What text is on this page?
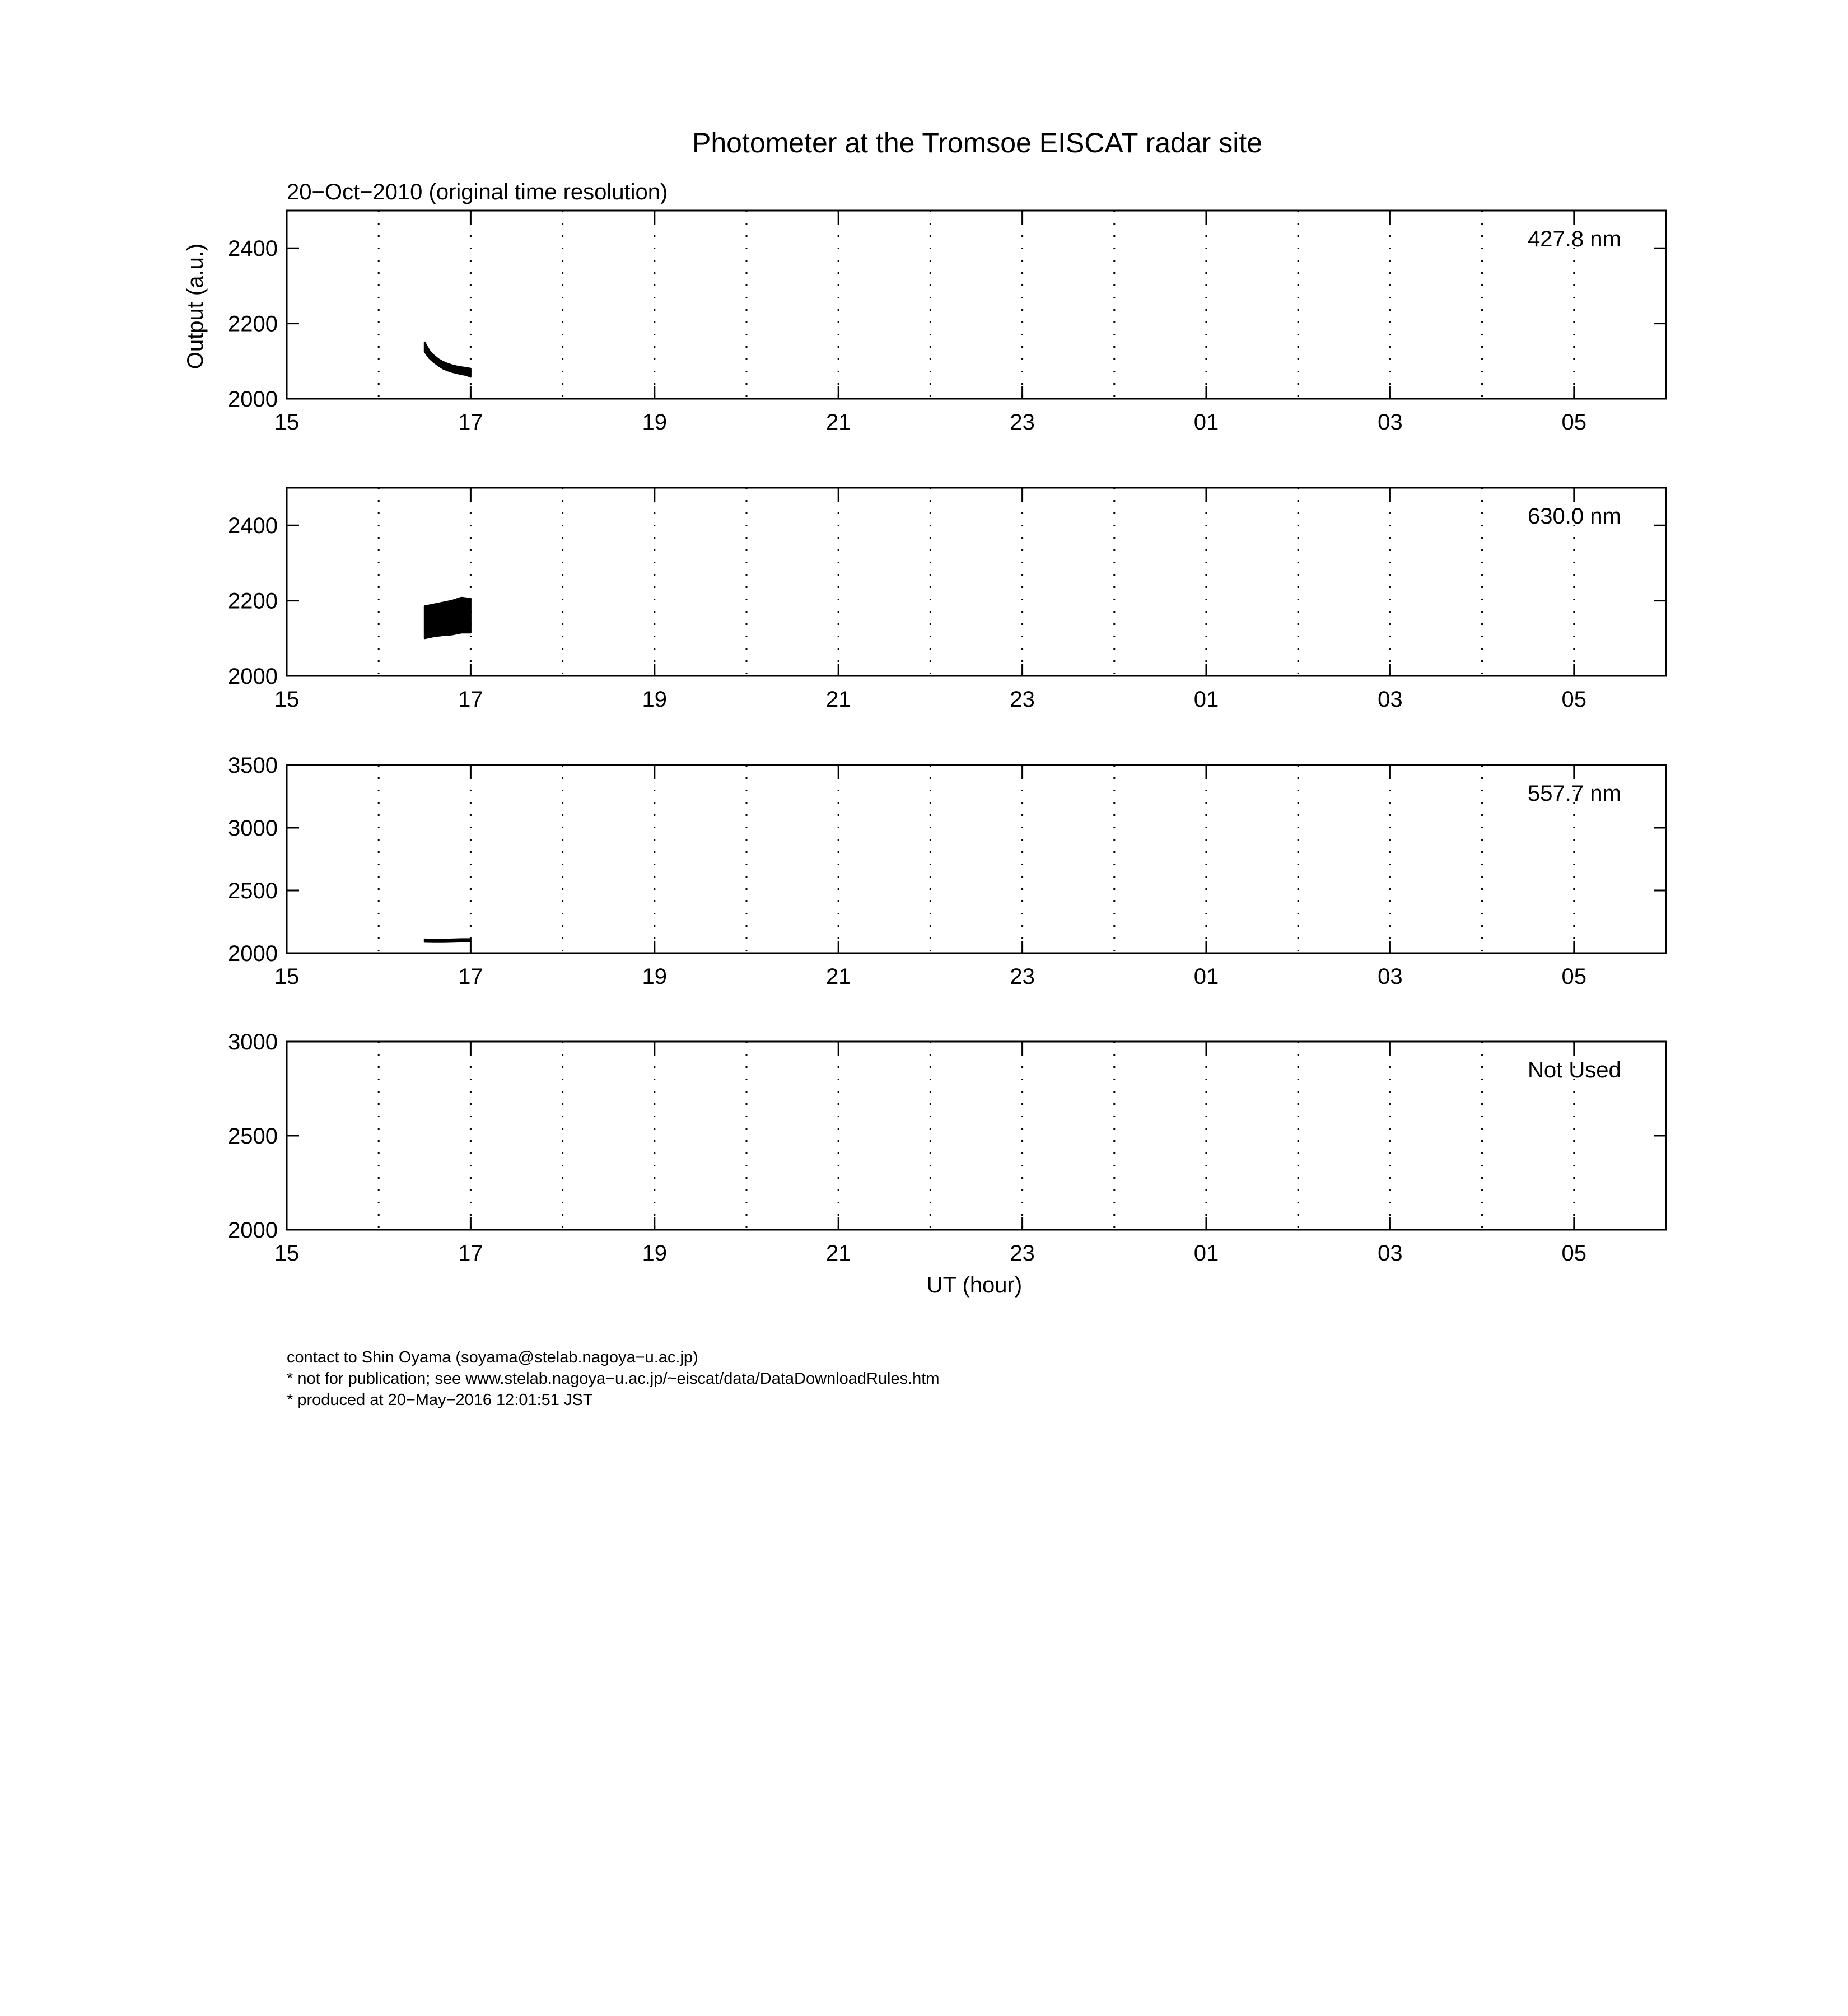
Photometer at the Tromsoe EISCAT radar site
20−Oct−2010 (original time resolution)
Output (a.u.)
UT (hour)
15	17	19	21	23	01	03	05
2000
2200
2400	427.8 nm
15	17	19	21	23	01	03	05
2000
2200
2400	630.0 nm
15	17	19	21	23	01	03	05
2000
2500
3000
3500
557.7 nm
15	17	19	21	23	01	03	05
2000
2500
3000
Not Used
contact to Shin Oyama (soyama@stelab.nagoya−u.ac.jp)
* not for publication; see www.stelab.nagoya−u.ac.jp/~eiscat/data/DataDownloadRules.htm
* produced at 20−May−2016 12:01:51 JST
